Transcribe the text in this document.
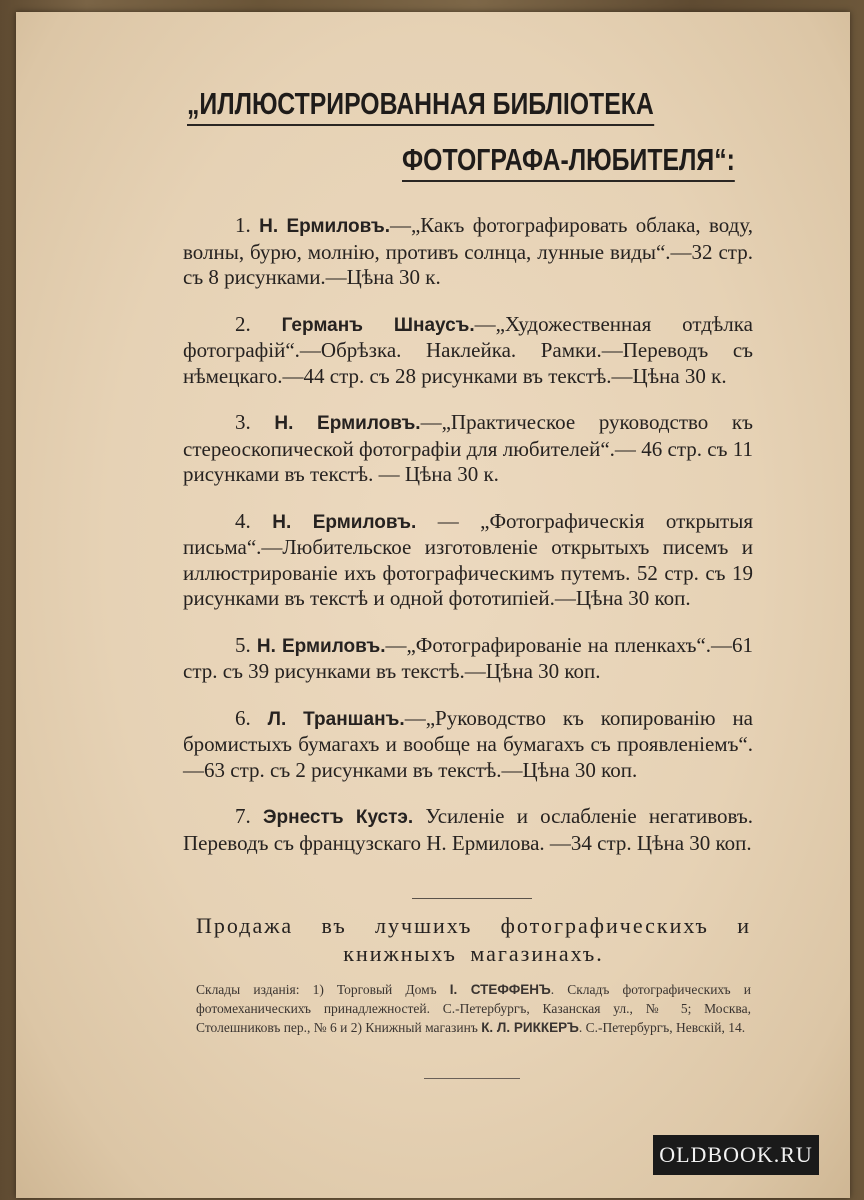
„ИЛЛЮСТРИРОВАННАЯ БИБЛІОТЕКА
ФОТОГРАФА-ЛЮБИТЕЛЯ“:

1. Н. Ермиловъ.—„Какъ фотографировать облака, воду, волны, бурю, молнію, противъ солнца, лунные виды“.—32 стр. съ 8 рисунками.—Цѣна 30 к.

2. Германъ Шнаусъ.—„Художественная отдѣлка фотографій“.—Обрѣзка. Наклейка. Рамки.—Переводъ съ нѣмецкаго.—44 стр. съ 28 рисунками въ текстѣ.—Цѣна 30 к.

3. Н. Ермиловъ.—„Практическое руководство къ стереоскопической фотографіи для любителей“.— 46 стр. съ 11 рисунками въ текстѣ. — Цѣна 30 к.

4. Н. Ермиловъ. — „Фотографическія открытыя письма“.—Любительское изготовленіе открытыхъ писемъ и иллюстрированіе ихъ фотографическимъ путемъ. 52 стр. съ 19 рисунками въ текстѣ и одной фототипіей.—Цѣна 30 коп.

5. Н. Ермиловъ.—„Фотографированіе на пленкахъ“.—61 стр. съ 39 рисунками въ текстѣ.—Цѣна 30 коп.

6. Л. Траншанъ.—„Руководство къ копированію на бромистыхъ бумагахъ и вообще на бумагахъ съ проявленіемъ“.—63 стр. съ 2 рисунками въ текстѣ.—Цѣна 30 коп.

7. Эрнестъ Кустэ. Усиленіе и ослабленіе негативовъ. Переводъ съ французскаго Н. Ермилова. —34 стр. Цѣна 30 коп.

Продажа въ лучшихъ фотографическихъ и книжныхъ магазинахъ.
Склады изданія: 1) Торговый Домъ I. СТЕФФЕНЪ. Складъ фотографическихъ и фотомеханическихъ принадлежностей. С.-Петербургъ, Казанская ул., № 5; Москва, Столешниковъ пер., № 6 и 2) Книжный магазинъ К. Л. РИККЕРЪ. С.-Петербургъ, Невскій, 14.
OLDBOOK.RU
